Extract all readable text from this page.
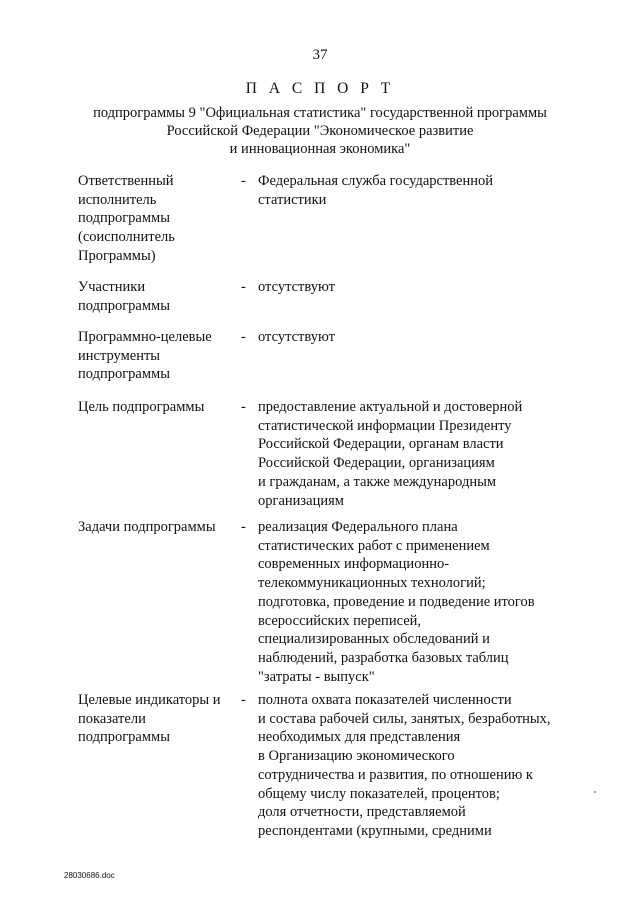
37
П А С П О Р Т
подпрограммы 9 "Официальная статистика" государственной программы
Российской Федерации "Экономическое развитие
и инновационная экономика"
Ответственный
исполнитель
подпрограммы
(соисполнитель
Программы)
- Федеральная служба государственной
статистики
Участники
подпрограммы
- отсутствуют
Программно-целевые
инструменты
подпрограммы
- отсутствуют
Цель подпрограммы	- предоставление актуальной и достоверной
статистической информации Президенту
Российской Федерации, органам власти
Российской Федерации, организациям
и гражданам, а также международным
организациям
Задачи подпрограммы	- реализация Федерального плана
статистических работ с применением
современных информационно-
телекоммуникационных технологий;
подготовка, проведение и подведение итогов
всероссийских переписей,
специализированных обследований и
наблюдений, разработка базовых таблиц
"затраты - выпуск"
Целевые индикаторы и
показатели
подпрограммы
- полнота охвата показателей численности
и состава рабочей силы, занятых, безработных,
необходимых для представления
в Организацию экономического
сотрудничества и развития, по отношению к
общему числу показателей, процентов;
доля отчетности, представляемой
респондентами (крупными, средними
28030686.doc
